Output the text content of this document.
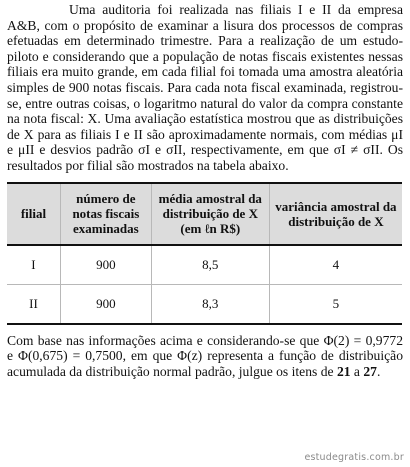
Uma auditoria foi realizada nas filiais I e II da empresa A&B, com o propósito de examinar a lisura dos processos de compras efetuadas em determinado trimestre. Para a realização de um estudo-piloto e considerando que a população de notas fiscais existentes nessas filiais era muito grande, em cada filial foi tomada uma amostra aleatória simples de 900 notas fiscais. Para cada nota fiscal examinada, registrou-se, entre outras coisas, o logaritmo natural do valor da compra constante na nota fiscal: X. Uma avaliação estatística mostrou que as distribuições de X para as filiais I e II são aproximadamente normais, com médias μI e μII e desvios padrão σI e σII, respectivamente, em que σI ≠ σII. Os resultados por filial são mostrados na tabela abaixo.

filial	número de notas fiscais examinadas	média amostral da distribuição de X (em ℓn R$)	variância amostral da distribuição de X
I	900	8,5	4
II	900	8,3	5

Com base nas informações acima e considerando-se que Φ(2) = 0,9772 e Φ(0,675) = 0,7500, em que Φ(z) representa a função de distribuição acumulada da distribuição normal padrão, julgue os itens de 21 a 27.

estudegratis.com.br
